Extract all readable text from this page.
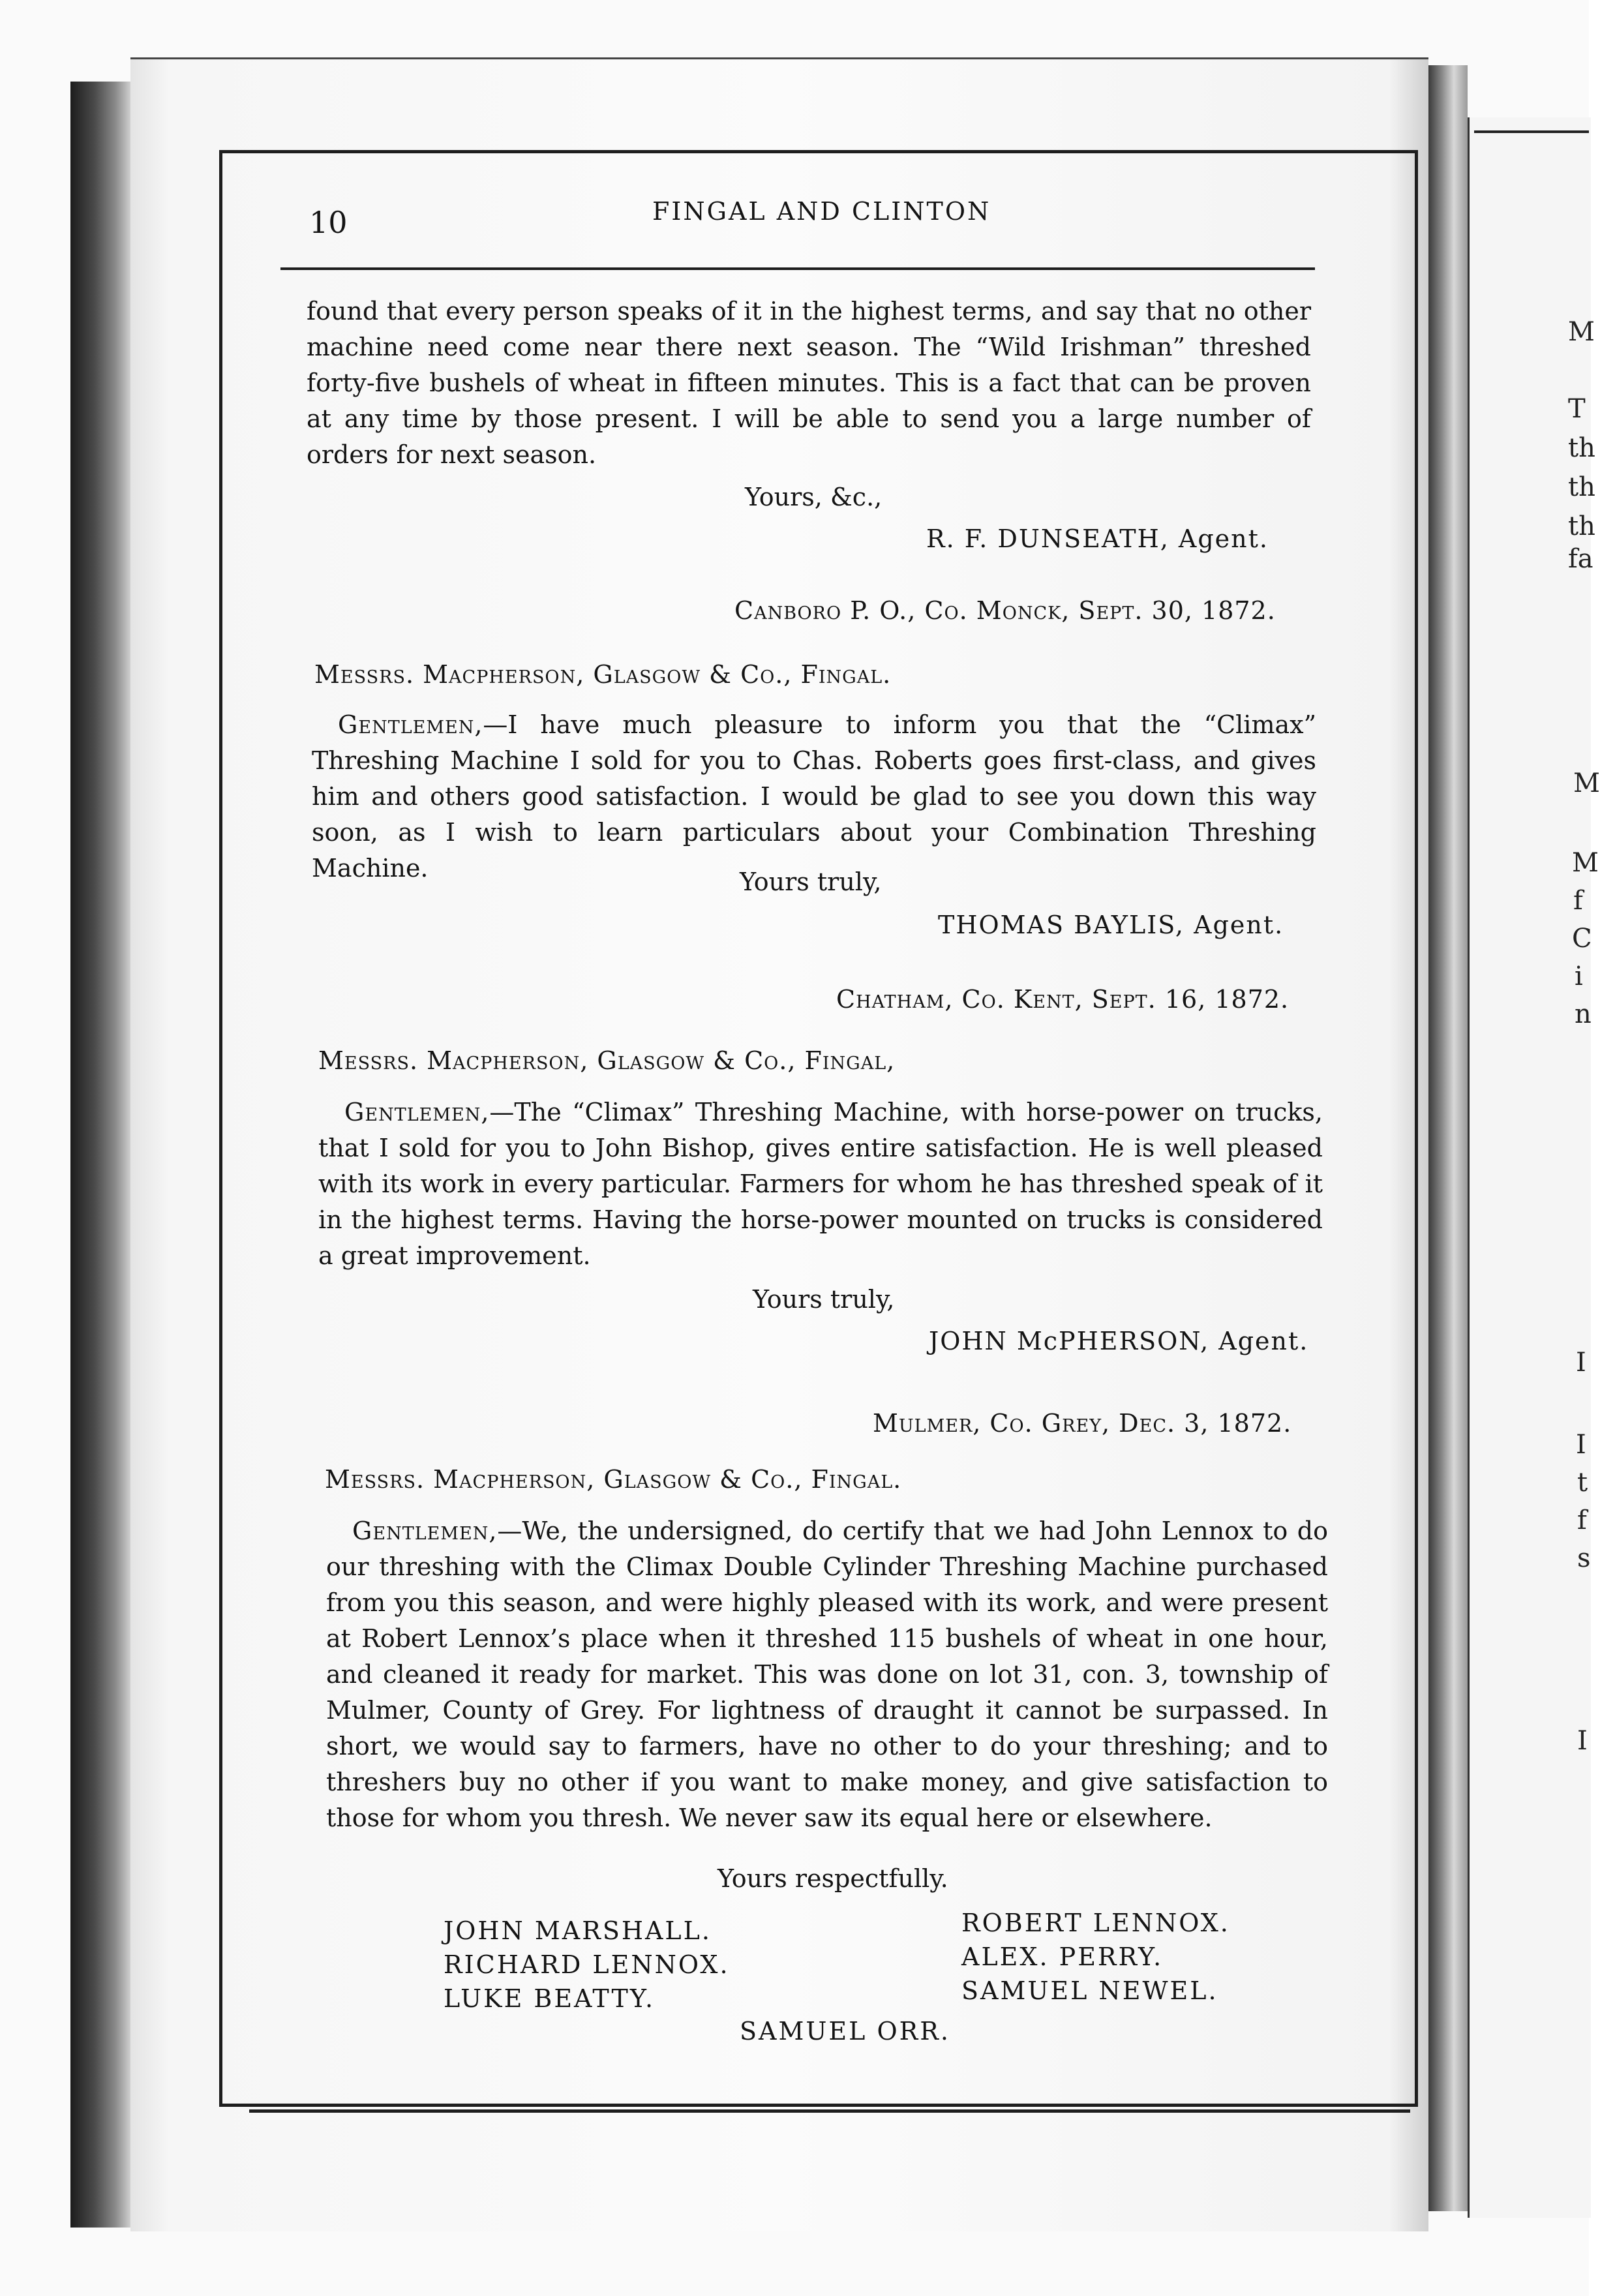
M
T
th
th
th
fa
M
M
f
C
i
n
I
I
t
f
s
I
10	FINGAL AND CLINTON

found that every person speaks of it in the highest terms, and say that no other machine need come near there next season. The “Wild Irishman” threshed forty-five bushels of wheat in fifteen minutes. This is a fact that can be proven at any time by those present. I will be able to send you a large number of orders for next season.

Yours, &c.,
R. F. DUNSEATH, Agent.
Canboro P. O., Co. Monck, Sept. 30, 1872.
Messrs. Macpherson, Glasgow & Co., Fingal.

Gentlemen,—I have much pleasure to inform you that the “Climax” Threshing Machine I sold for you to Chas. Roberts goes first-class, and gives him and others good satisfaction. I would be glad to see you down this way soon, as I wish to learn particulars about your Combination Threshing Machine.	Yours truly,
THOMAS BAYLIS, Agent.
Chatham, Co. Kent, Sept. 16, 1872.
Messrs. Macpherson, Glasgow & Co., Fingal,

Gentlemen,—The “Climax” Threshing Machine, with horse-power on trucks, that I sold for you to John Bishop, gives entire satisfaction. He is well pleased with its work in every particular. Farmers for whom he has threshed speak of it in the highest terms. Having the horse-power mounted on trucks is considered a great improvement.

Yours truly,
JOHN McPHERSON, Agent.
Mulmer, Co. Grey, Dec. 3, 1872.
Messrs. Macpherson, Glasgow & Co., Fingal.

Gentlemen,—We, the undersigned, do certify that we had John Lennox to do our threshing with the Climax Double Cylinder Threshing Machine purchased from you this season, and were highly pleased with its work, and were present at Robert Lennox’s place when it threshed 115 bushels of wheat in one hour, and cleaned it ready for market. This was done on lot 31, con. 3, township of Mulmer, County of Grey. For lightness of draught it cannot be surpassed. In short, we would say to farmers, have no other to do your threshing; and to threshers buy no other if you want to make money, and give satisfaction to those for whom you thresh. We never saw its equal here or elsewhere.

Yours respectfully.
JOHN MARSHALL.
RICHARD LENNOX.
LUKE BEATTY.
ROBERT LENNOX.
ALEX. PERRY.
SAMUEL NEWEL.
SAMUEL ORR.
